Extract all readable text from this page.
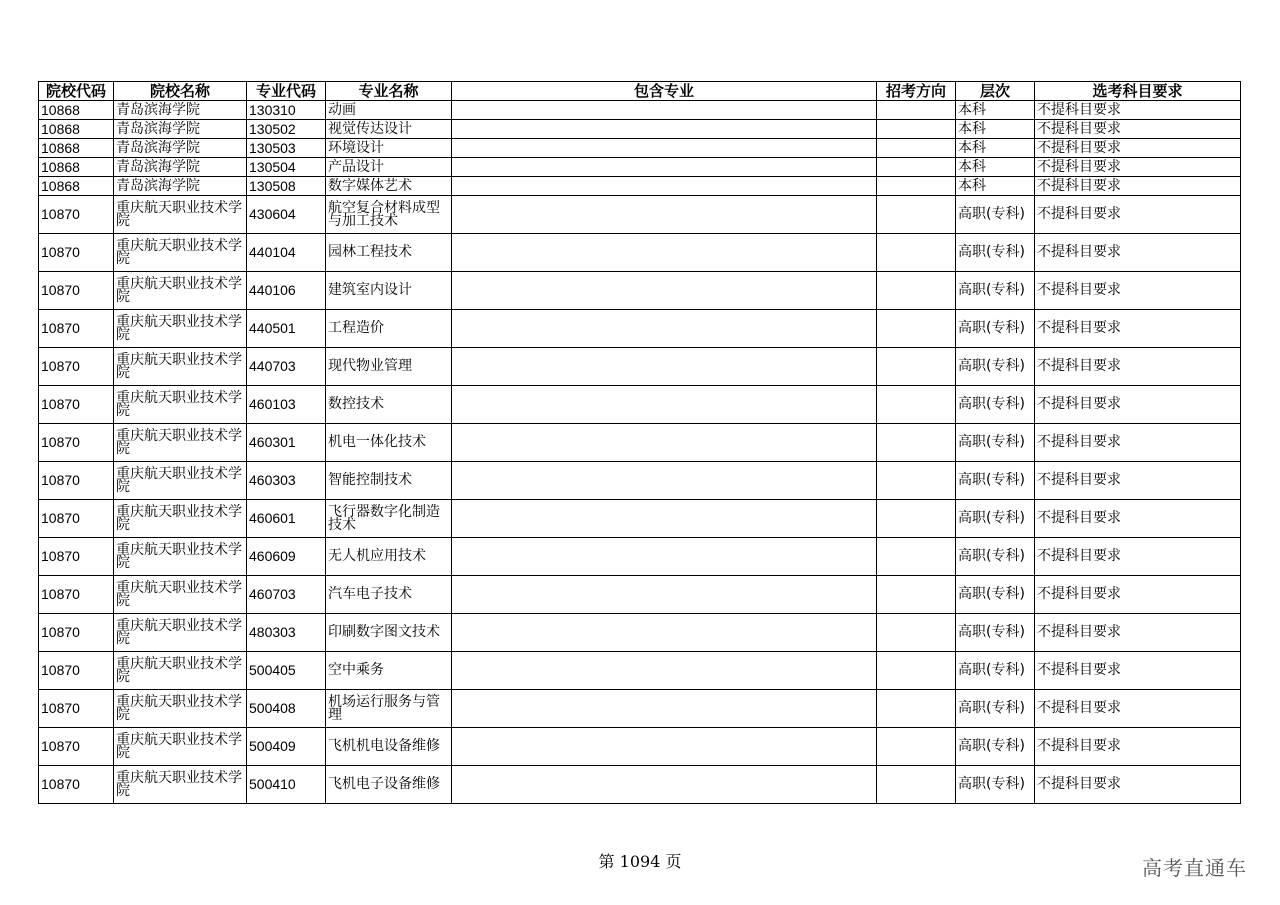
院校代码	院校名称	专业代码	专业名称	包含专业	招考方向	层次	选考科目要求
10868	青岛滨海学院	130310	动画			本科	不提科目要求
10868	青岛滨海学院	130502	视觉传达设计			本科	不提科目要求
10868	青岛滨海学院	130503	环境设计			本科	不提科目要求
10868	青岛滨海学院	130504	产品设计			本科	不提科目要求
10868	青岛滨海学院	130508	数字媒体艺术			本科	不提科目要求
10870	重庆航天职业技术学院	430604	航空复合材料成型与加工技术			高职(专科)	不提科目要求
10870	重庆航天职业技术学院	440104	园林工程技术			高职(专科)	不提科目要求
10870	重庆航天职业技术学院	440106	建筑室内设计			高职(专科)	不提科目要求
10870	重庆航天职业技术学院	440501	工程造价			高职(专科)	不提科目要求
10870	重庆航天职业技术学院	440703	现代物业管理			高职(专科)	不提科目要求
10870	重庆航天职业技术学院	460103	数控技术			高职(专科)	不提科目要求
10870	重庆航天职业技术学院	460301	机电一体化技术			高职(专科)	不提科目要求
10870	重庆航天职业技术学院	460303	智能控制技术			高职(专科)	不提科目要求
10870	重庆航天职业技术学院	460601	飞行器数字化制造技术			高职(专科)	不提科目要求
10870	重庆航天职业技术学院	460609	无人机应用技术			高职(专科)	不提科目要求
10870	重庆航天职业技术学院	460703	汽车电子技术			高职(专科)	不提科目要求
10870	重庆航天职业技术学院	480303	印刷数字图文技术			高职(专科)	不提科目要求
10870	重庆航天职业技术学院	500405	空中乘务			高职(专科)	不提科目要求
10870	重庆航天职业技术学院	500408	机场运行服务与管理			高职(专科)	不提科目要求
10870	重庆航天职业技术学院	500409	飞机机电设备维修			高职(专科)	不提科目要求
10870	重庆航天职业技术学院	500410	飞机电子设备维修			高职(专科)	不提科目要求
第 1094 页	高考直通车
